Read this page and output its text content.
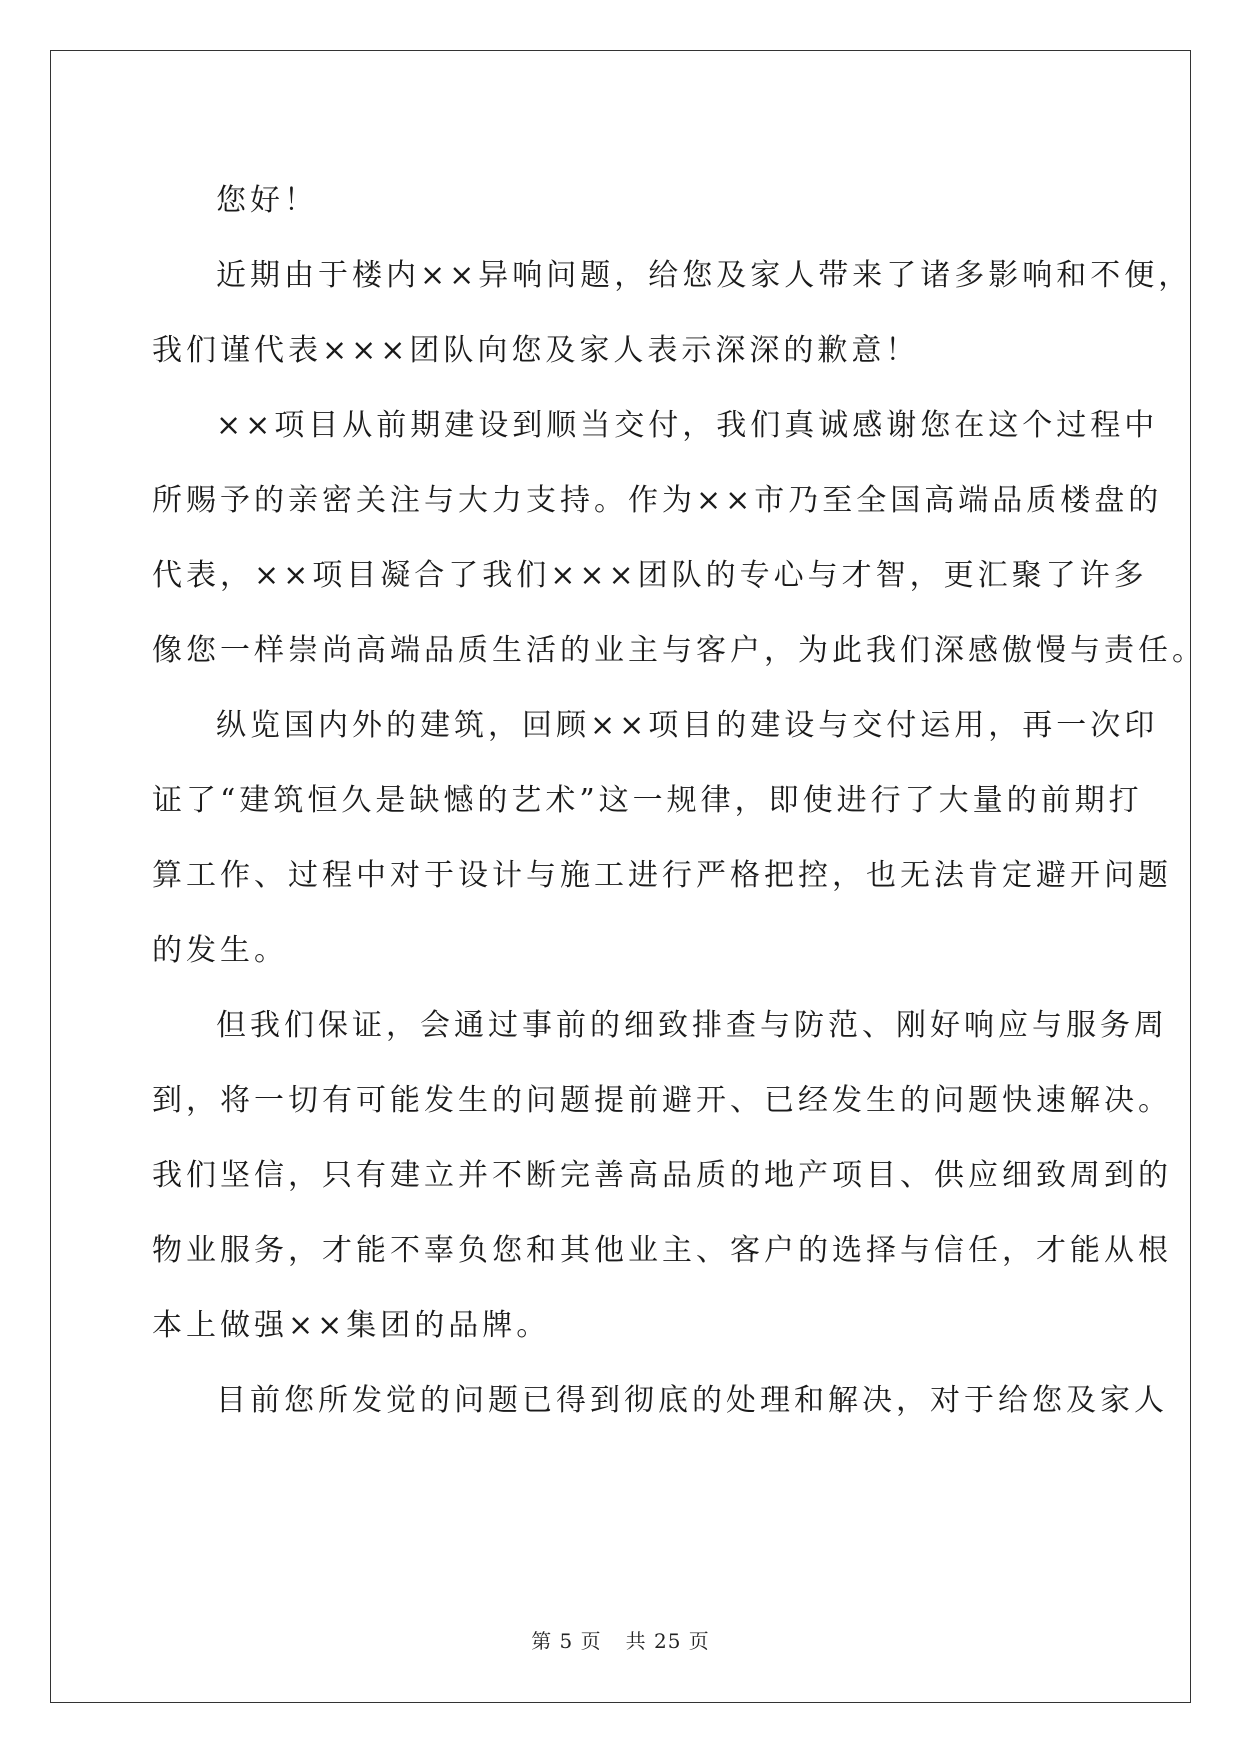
您好！
近期由于楼内××异响问题，给您及家人带来了诸多影响和不便，
我们谨代表×××团队向您及家人表示深深的歉意！
××项目从前期建设到顺当交付，我们真诚感谢您在这个过程中
所赐予的亲密关注与大力支持。作为××市乃至全国高端品质楼盘的
代表，××项目凝合了我们×××团队的专心与才智，更汇聚了许多
像您一样崇尚高端品质生活的业主与客户，为此我们深感傲慢与责任。
纵览国内外的建筑，回顾××项目的建设与交付运用，再一次印
证了“建筑恒久是缺憾的艺术”这一规律，即使进行了大量的前期打
算工作、过程中对于设计与施工进行严格把控，也无法肯定避开问题
的发生。
但我们保证，会通过事前的细致排查与防范、刚好响应与服务周
到，将一切有可能发生的问题提前避开、已经发生的问题快速解决。
我们坚信，只有建立并不断完善高品质的地产项目、供应细致周到的
物业服务，才能不辜负您和其他业主、客户的选择与信任，才能从根
本上做强××集团的品牌。
目前您所发觉的问题已得到彻底的处理和解决，对于给您及家人
第 5 页 共 25 页
